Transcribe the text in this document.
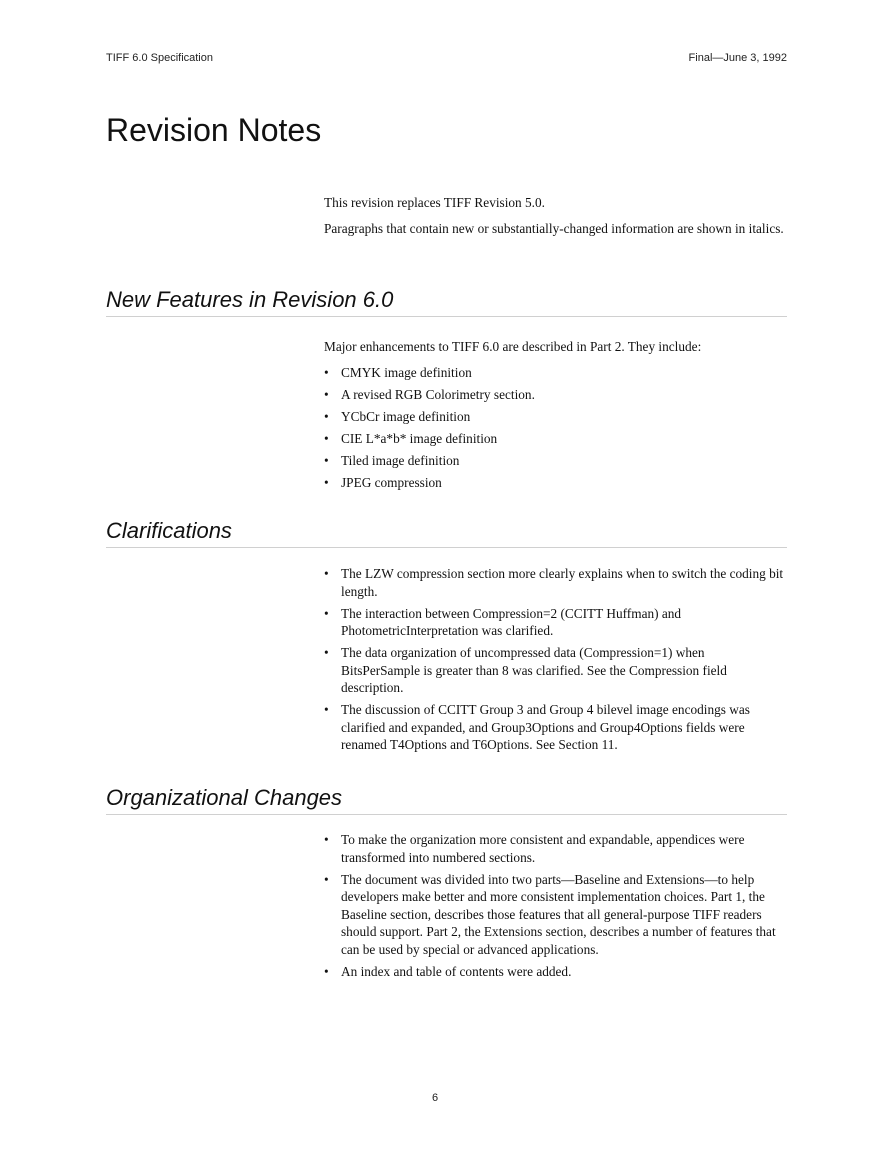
TIFF 6.0 Specification	Final—June 3, 1992
Revision Notes

This revision replaces TIFF Revision 5.0.

Paragraphs that contain new or substantially-changed information are shown in italics.

New Features in Revision 6.0

Major enhancements to TIFF 6.0 are described in Part 2. They include:

• CMYK image definition
• A revised RGB Colorimetry section.
• YCbCr image definition
• CIE L*a*b* image definition
• Tiled image definition
• JPEG compression
Clarifications
• The LZW compression section more clearly explains when to switch the coding bit length.
• The interaction between Compression=2 (CCITT Huffman) and PhotometricInterpretation was clarified.
• The data organization of uncompressed data (Compression=1) when BitsPerSample is greater than 8 was clarified. See the Compression field description.
• The discussion of CCITT Group 3 and Group 4 bilevel image encodings was clarified and expanded, and Group3Options and Group4Options fields were renamed T4Options and T6Options. See Section 11.
Organizational Changes
• To make the organization more consistent and expandable, appendices were transformed into numbered sections.
• The document was divided into two parts—Baseline and Extensions—to help developers make better and more consistent implementation choices. Part 1, the Baseline section, describes those features that all general-purpose TIFF readers should support. Part 2, the Extensions section, describes a number of features that can be used by special or advanced applications.
• An index and table of contents were added.
6
